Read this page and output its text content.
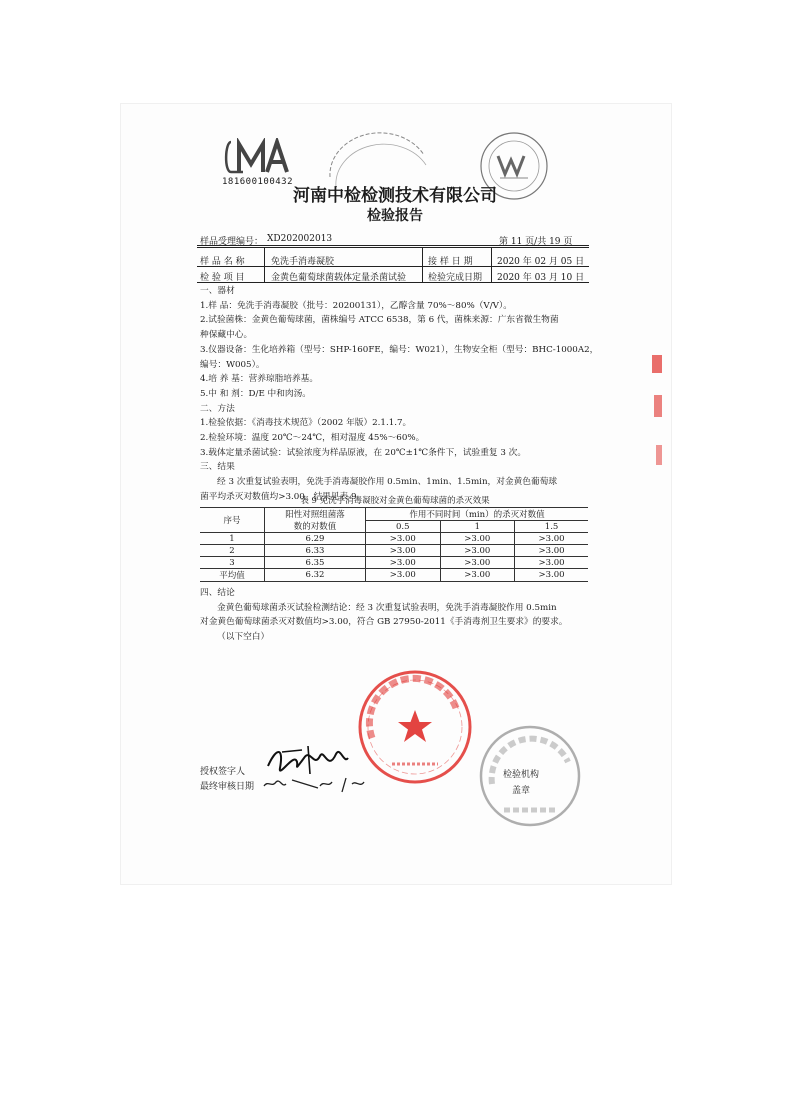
181600100432
河南中检检测技术有限公司
检验报告
样品受理编号： XD202002013	第 11 页/共 19 页
样 品 名 称	免洗手消毒凝胶	接 样 日 期	2020 年 02 月 05 日
检 验 项 目	金黄色葡萄球菌载体定量杀菌试验 检验完成日期 2020 年 03 月 10 日
一、器材
1.样 品：免洗手消毒凝胶（批号：20200131），乙醇含量 70%～80%（V/V）。
2.试验菌株：金黄色葡萄球菌，菌株编号 ATCC 6538，第 6 代，菌株来源：广东省微生物菌
种保藏中心。
3.仪器设备：生化培养箱（型号：SHP-160FE，编号：W021），生物安全柜（型号：BHC-1000A2，
编号：W005）。
4.培 养 基：营养琼脂培养基。
5.中 和 剂：D/E 中和肉汤。
二、方法
1.检验依据：《消毒技术规范》（2002 年版）2.1.1.7。
2.检验环境：温度 20℃～24℃，相对湿度 45%～60%。
3.载体定量杀菌试验：试验浓度为样品原液，在 20℃±1℃条件下，试验重复 3 次。
三、结果
经 3 次重复试验表明，免洗手消毒凝胶作用 0.5min、1min、1.5min，对金黄色葡萄球
菌平均杀灭对数值均>3.00。结果见表 9。
表 9 免洗手消毒凝胶对金黄色葡萄球菌的杀灭效果
序号	阳性对照组菌落
数的对数值	作用不同时间（min）的杀灭对数值		
		0.5	1	1.5
1	6.29	>3.00	>3.00	>3.00
2	6.33	>3.00	>3.00	>3.00
3	6.35	>3.00	>3.00	>3.00
平均值	6.32	>3.00	>3.00	>3.00
四、结论
金黄色葡萄球菌杀灭试验检测结论：经 3 次重复试验表明，免洗手消毒凝胶作用 0.5min
对金黄色葡萄球菌杀灭对数值均>3.00，符合 GB 27950-2011《手消毒剂卫生要求》的要求。
（以下空白）
授权签字人
最终审核日期
检验机构
盖章
